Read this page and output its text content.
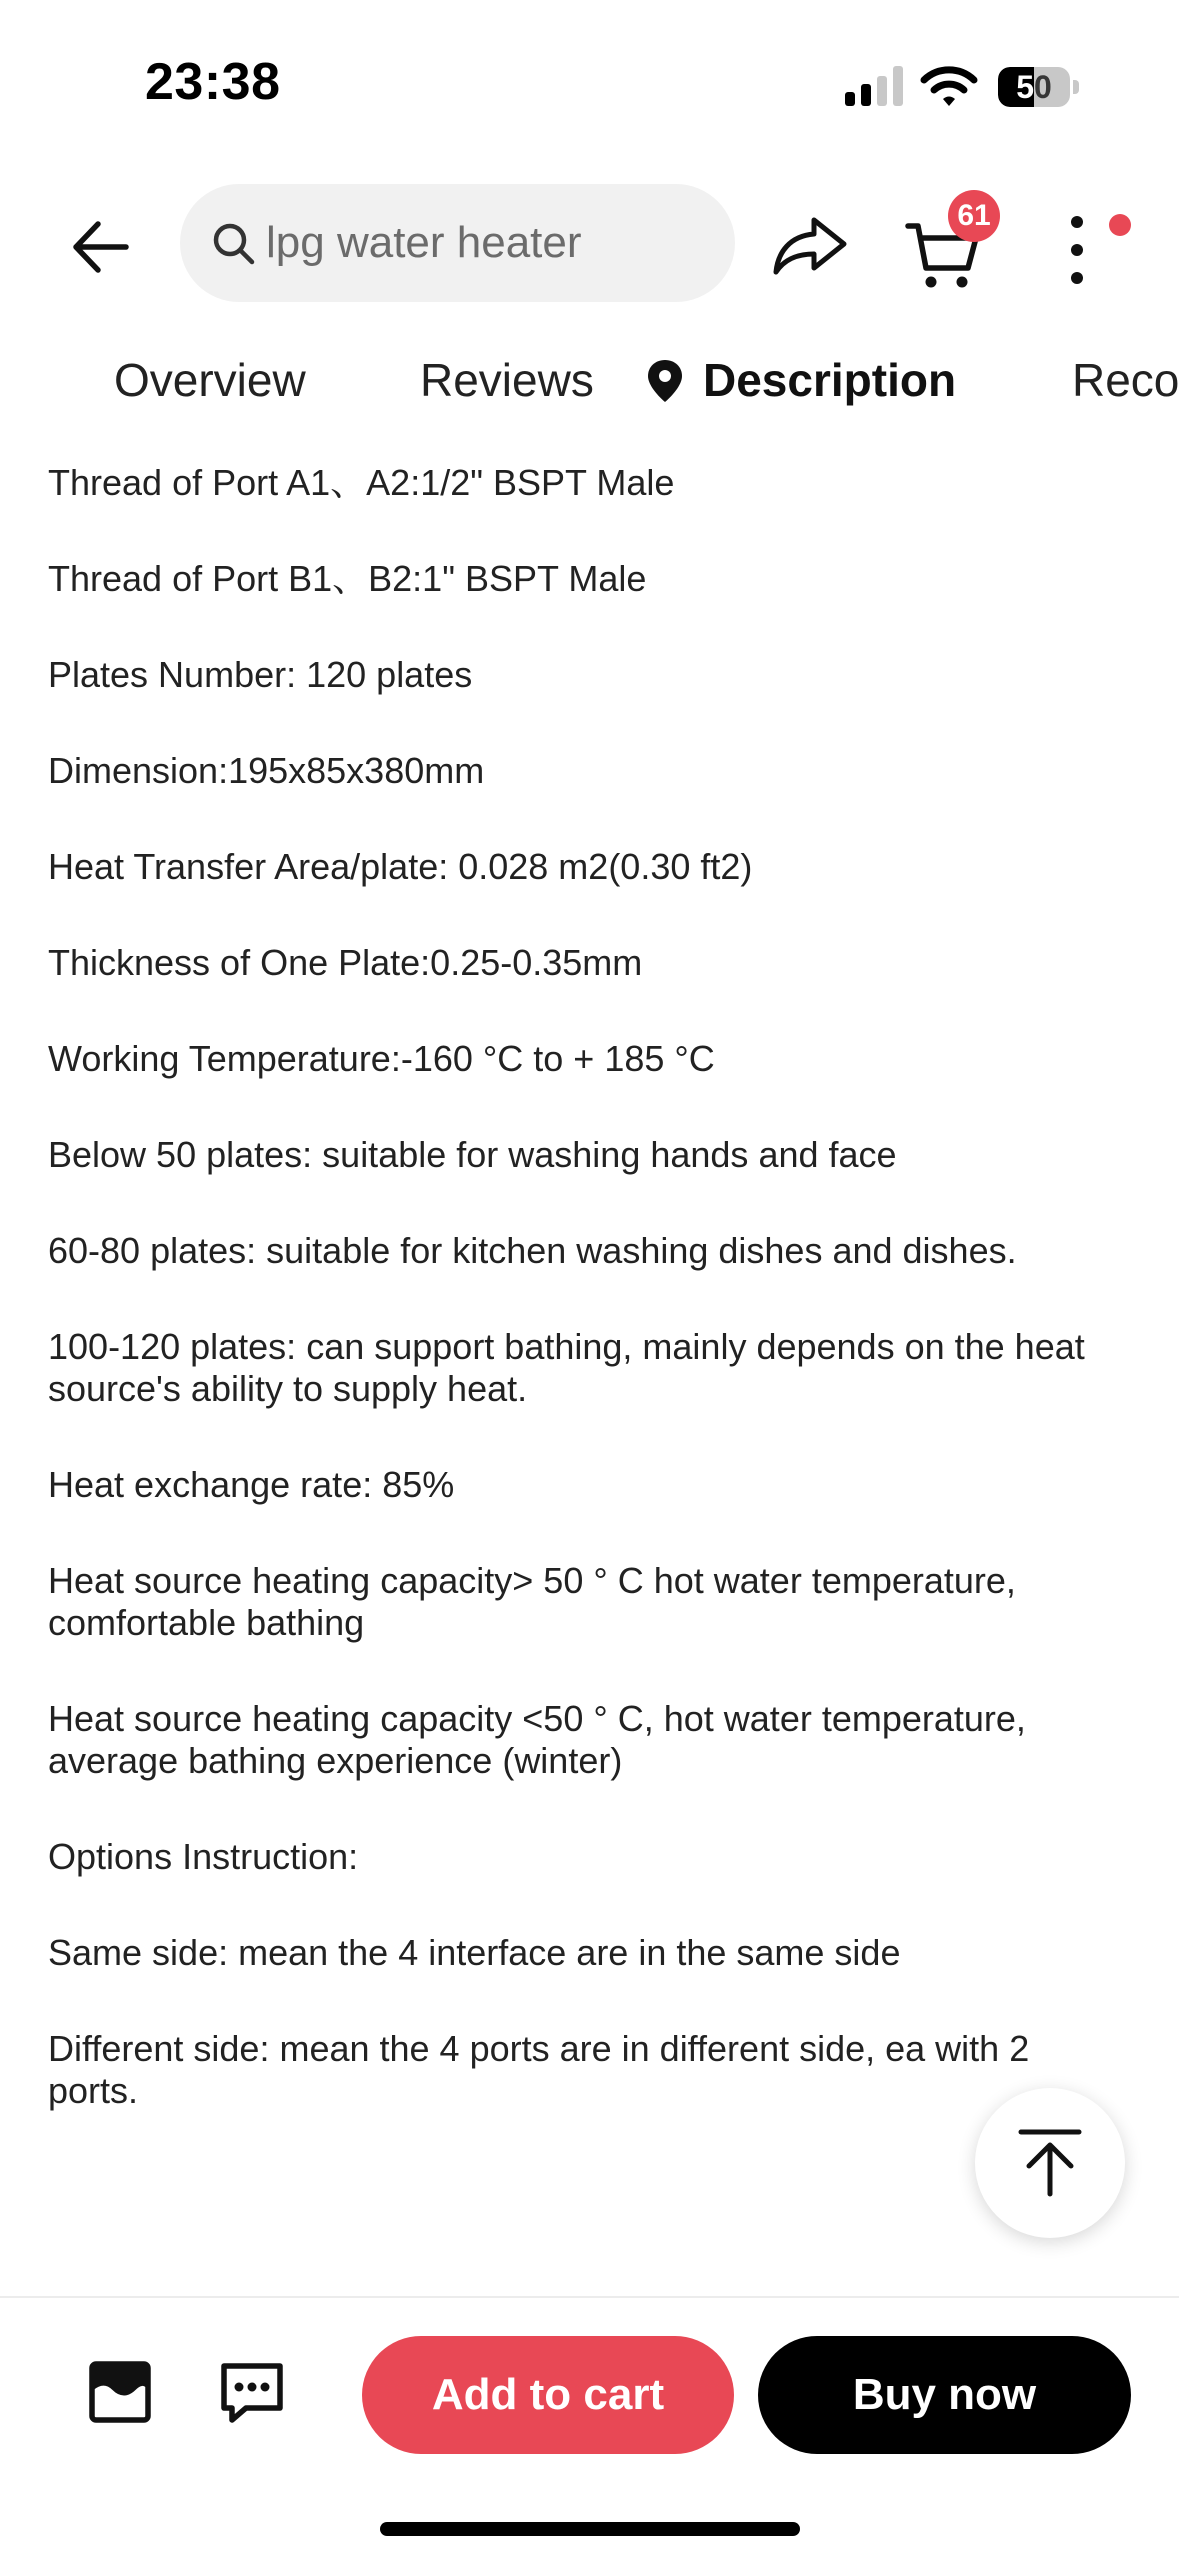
23:38	50
lpg water heater
61
Overview Reviews Description	Reco

Thread of Port A1、A2:1/2" BSPT Male

Thread of Port B1、B2:1" BSPT Male

Plates Number: 120 plates

Dimension:195x85x380mm

Heat Transfer Area/plate: 0.028 m2(0.30 ft2)

Thickness of One Plate:0.25-0.35mm

Working Temperature:-160 °C to + 185 °C

Below 50 plates: suitable for washing hands and face

60-80 plates: suitable for kitchen washing dishes and dishes.

100-120 plates: can support bathing, mainly depends on the heat source's ability to supply heat.

Heat exchange rate: 85%

Heat source heating capacity> 50 ° C hot water temperature, comfortable bathing

Heat source heating capacity <50 ° C, hot water temperature, average bathing experience (winter)

Options Instruction:

Same side: mean the 4 interface are in the same side

Different side: mean the 4 ports are in different side, ea with 2 ports.

Add to cart	Buy now
